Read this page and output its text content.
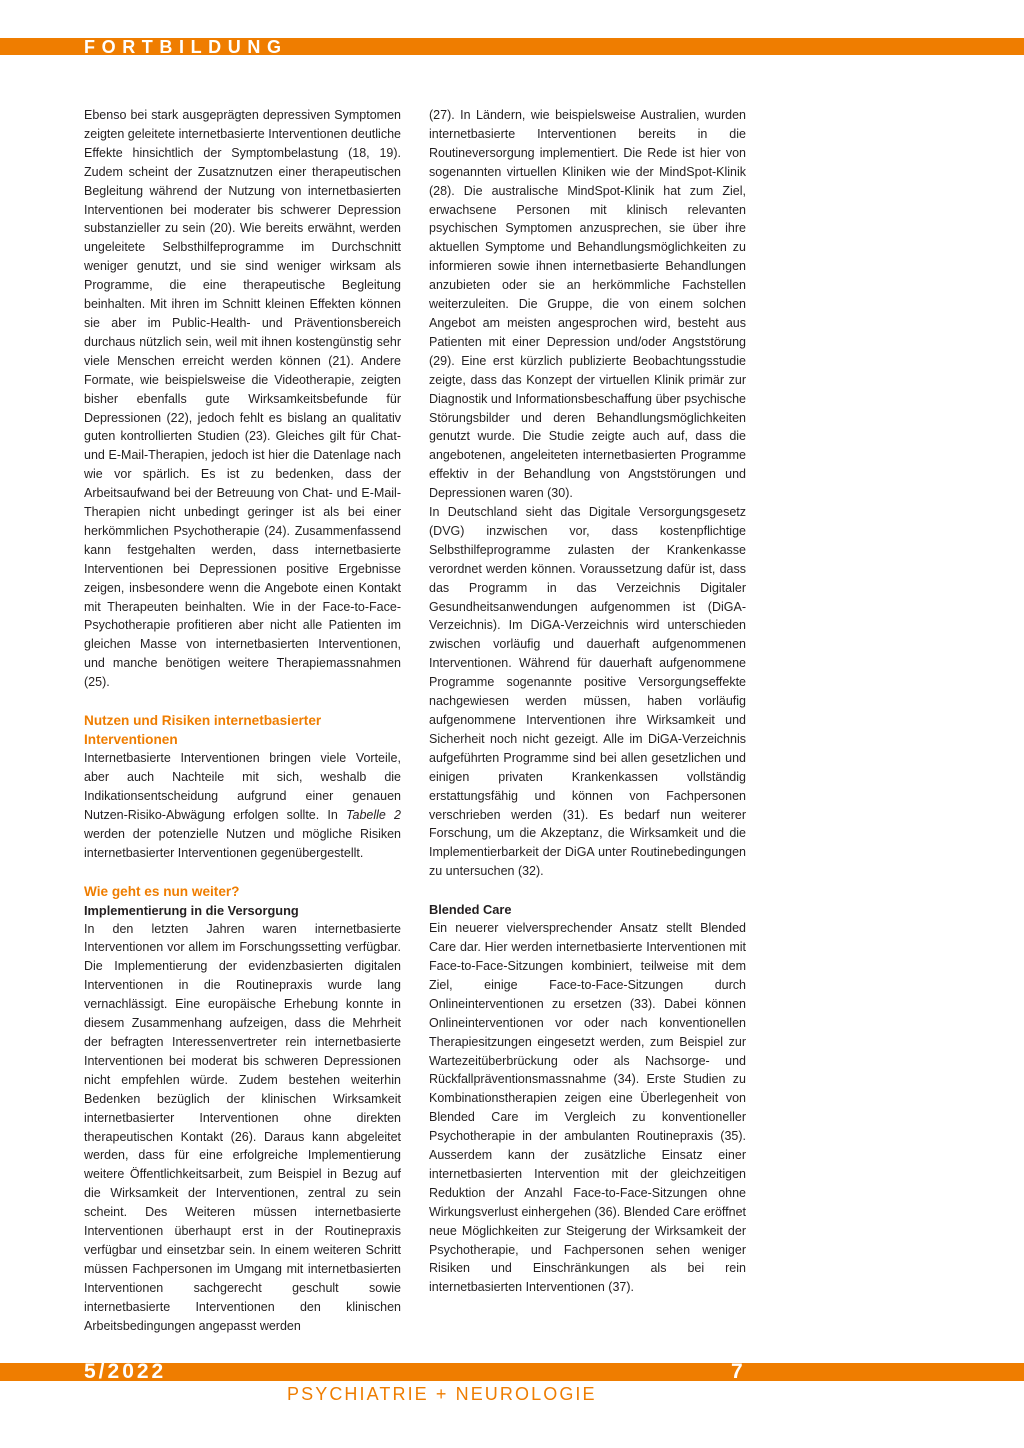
FORTBILDUNG

Ebenso bei stark ausgeprägten depressiven Symptomen zeigten geleitete internetbasierte Interventionen deutliche Effekte hinsichtlich der Symptombelastung (18, 19). Zudem scheint der Zusatznutzen einer therapeutischen Begleitung während der Nutzung von internetbasierten Interventionen bei moderater bis schwerer Depression substanzieller zu sein (20). Wie bereits erwähnt, werden ungeleitete Selbsthilfeprogramme im Durchschnitt weniger genutzt, und sie sind weniger wirksam als Programme, die eine therapeutische Begleitung beinhalten. Mit ihren im Schnitt kleinen Effekten können sie aber im Public-Health- und Präventionsbereich durchaus nützlich sein, weil mit ihnen kostengünstig sehr viele Menschen erreicht werden können (21). Andere Formate, wie beispielsweise die Videotherapie, zeigten bisher ebenfalls gute Wirksamkeitsbefunde für Depressionen (22), jedoch fehlt es bislang an qualitativ guten kontrollierten Studien (23). Gleiches gilt für Chat- und E-Mail-Therapien, jedoch ist hier die Datenlage nach wie vor spärlich. Es ist zu bedenken, dass der Arbeitsaufwand bei der Betreuung von Chat- und E-Mail-Therapien nicht unbedingt geringer ist als bei einer herkömmlichen Psychotherapie (24). Zusammenfassend kann festgehalten werden, dass internetbasierte Interventionen bei Depressionen positive Ergebnisse zeigen, insbesondere wenn die Angebote einen Kontakt mit Therapeuten beinhalten. Wie in der Face-to-Face-Psychotherapie profitieren aber nicht alle Patienten im gleichen Masse von internetbasierten Interventionen, und manche benötigen weitere Therapiemassnahmen (25).

Nutzen und Risiken internetbasierter Interventionen

Internetbasierte Interventionen bringen viele Vorteile, aber auch Nachteile mit sich, weshalb die Indikationsentscheidung aufgrund einer genauen Nutzen-Risiko-Abwägung erfolgen sollte. In Tabelle 2 werden der potenzielle Nutzen und mögliche Risiken internetbasierter Interventionen gegenübergestellt.

Wie geht es nun weiter?
Implementierung in die Versorgung

In den letzten Jahren waren internetbasierte Interventionen vor allem im Forschungssetting verfügbar. Die Implementierung der evidenzbasierten digitalen Interventionen in die Routinepraxis wurde lang vernachlässigt. Eine europäische Erhebung konnte in diesem Zusammenhang aufzeigen, dass die Mehrheit der befragten Interessenvertreter rein internetbasierte Interventionen bei moderat bis schweren Depressionen nicht empfehlen würde. Zudem bestehen weiterhin Bedenken bezüglich der klinischen Wirksamkeit internetbasierter Interventionen ohne direkten therapeutischen Kontakt (26). Daraus kann abgeleitet werden, dass für eine erfolgreiche Implementierung weitere Öffentlichkeitsarbeit, zum Beispiel in Bezug auf die Wirksamkeit der Interventionen, zentral zu sein scheint. Des Weiteren müssen internetbasierte Interventionen überhaupt erst in der Routinepraxis verfügbar und einsetzbar sein. In einem weiteren Schritt müssen Fachpersonen im Umgang mit internetbasierten Interventionen sachgerecht geschult sowie internetbasierte Interventionen den klinischen Arbeitsbedingungen angepasst werden

(27). In Ländern, wie beispielsweise Australien, wurden internetbasierte Interventionen bereits in die Routineversorgung implementiert. Die Rede ist hier von sogenannten virtuellen Kliniken wie der MindSpot-Klinik (28). Die australische MindSpot-Klinik hat zum Ziel, erwachsene Personen mit klinisch relevanten psychischen Symptomen anzusprechen, sie über ihre aktuellen Symptome und Behandlungsmöglichkeiten zu informieren sowie ihnen internetbasierte Behandlungen anzubieten oder sie an herkömmliche Fachstellen weiterzuleiten. Die Gruppe, die von einem solchen Angebot am meisten angesprochen wird, besteht aus Patienten mit einer Depression und/oder Angststörung (29). Eine erst kürzlich publizierte Beobachtungsstudie zeigte, dass das Konzept der virtuellen Klinik primär zur Diagnostik und Informationsbeschaffung über psychische Störungsbilder und deren Behandlungsmöglichkeiten genutzt wurde. Die Studie zeigte auch auf, dass die angebotenen, angeleiteten internetbasierten Programme effektiv in der Behandlung von Angststörungen und Depressionen waren (30).

In Deutschland sieht das Digitale Versorgungsgesetz (DVG) inzwischen vor, dass kostenpflichtige Selbsthilfeprogramme zulasten der Krankenkasse verordnet werden können. Voraussetzung dafür ist, dass das Programm in das Verzeichnis Digitaler Gesundheitsanwendungen aufgenommen ist (DiGA-Verzeichnis). Im DiGA-Verzeichnis wird unterschieden zwischen vorläufig und dauerhaft aufgenommenen Interventionen. Während für dauerhaft aufgenommene Programme sogenannte positive Versorgungseffekte nachgewiesen werden müssen, haben vorläufig aufgenommene Interventionen ihre Wirksamkeit und Sicherheit noch nicht gezeigt. Alle im DiGA-Verzeichnis aufgeführten Programme sind bei allen gesetzlichen und einigen privaten Krankenkassen vollständig erstattungsfähig und können von Fachpersonen verschrieben werden (31). Es bedarf nun weiterer Forschung, um die Akzeptanz, die Wirksamkeit und die Implementierbarkeit der DiGA unter Routinebedingungen zu untersuchen (32).

Blended Care

Ein neuerer vielversprechender Ansatz stellt Blended Care dar. Hier werden internetbasierte Interventionen mit Face-to-Face-Sitzungen kombiniert, teilweise mit dem Ziel, einige Face-to-Face-Sitzungen durch Onlineinterventionen zu ersetzen (33). Dabei können Onlineinterventionen vor oder nach konventionellen Therapiesitzungen eingesetzt werden, zum Beispiel zur Wartezeitüberbrückung oder als Nachsorge- und Rückfallpräventionsmassnahme (34). Erste Studien zu Kombinationstherapien zeigen eine Überlegenheit von Blended Care im Vergleich zu konventioneller Psychotherapie in der ambulanten Routinepraxis (35). Ausserdem kann der zusätzliche Einsatz einer internetbasierten Intervention mit der gleichzeitigen Reduktion der Anzahl Face-to-Face-Sitzungen ohne Wirkungsverlust einhergehen (36). Blended Care eröffnet neue Möglichkeiten zur Steigerung der Wirksamkeit der Psychotherapie, und Fachpersonen sehen weniger Risiken und Einschränkungen als bei rein internetbasierten Interventionen (37).

5/2022	7
PSYCHIATRIE + NEUROLOGIE
